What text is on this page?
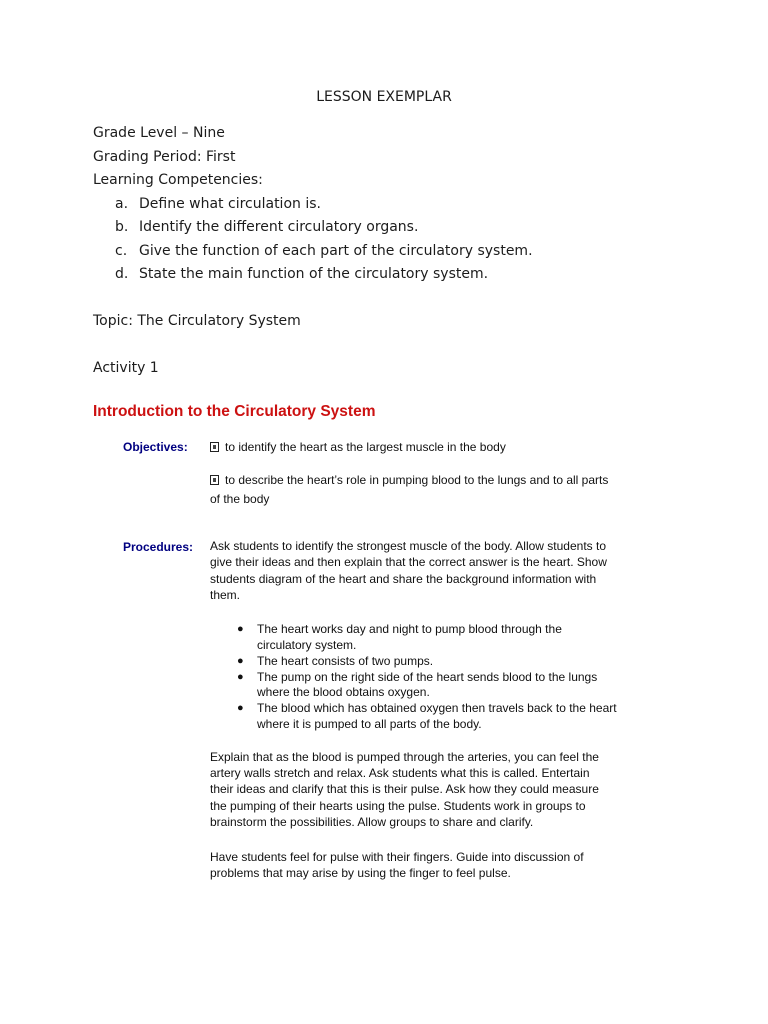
LESSON EXEMPLAR
Grade Level – Nine
Grading Period: First
Learning Competencies:
a. Define what circulation is.
b. Identify the different circulatory organs.
c. Give the function of each part of the circulatory system.
d. State the main function of the circulatory system.
Topic: The Circulatory System
Activity 1
Introduction to the Circulatory System
Objectives:	to identify the heart as the largest muscle in the body
to describe the heart’s role in pumping blood to the lungs and to all parts
of the body
Procedures: Ask students to identify the strongest muscle of the body. Allow students to
give their ideas and then explain that the correct answer is the heart. Show
students diagram of the heart and share the background information with
them.
● The heart works day and night to pump blood through the
circulatory system.
● The heart consists of two pumps.
● The pump on the right side of the heart sends blood to the lungs
where the blood obtains oxygen.
● The blood which has obtained oxygen then travels back to the heart
where it is pumped to all parts of the body.
Explain that as the blood is pumped through the arteries, you can feel the
artery walls stretch and relax. Ask students what this is called. Entertain
their ideas and clarify that this is their pulse. Ask how they could measure
the pumping of their hearts using the pulse. Students work in groups to
brainstorm the possibilities. Allow groups to share and clarify.
Have students feel for pulse with their fingers. Guide into discussion of
problems that may arise by using the finger to feel pulse.
